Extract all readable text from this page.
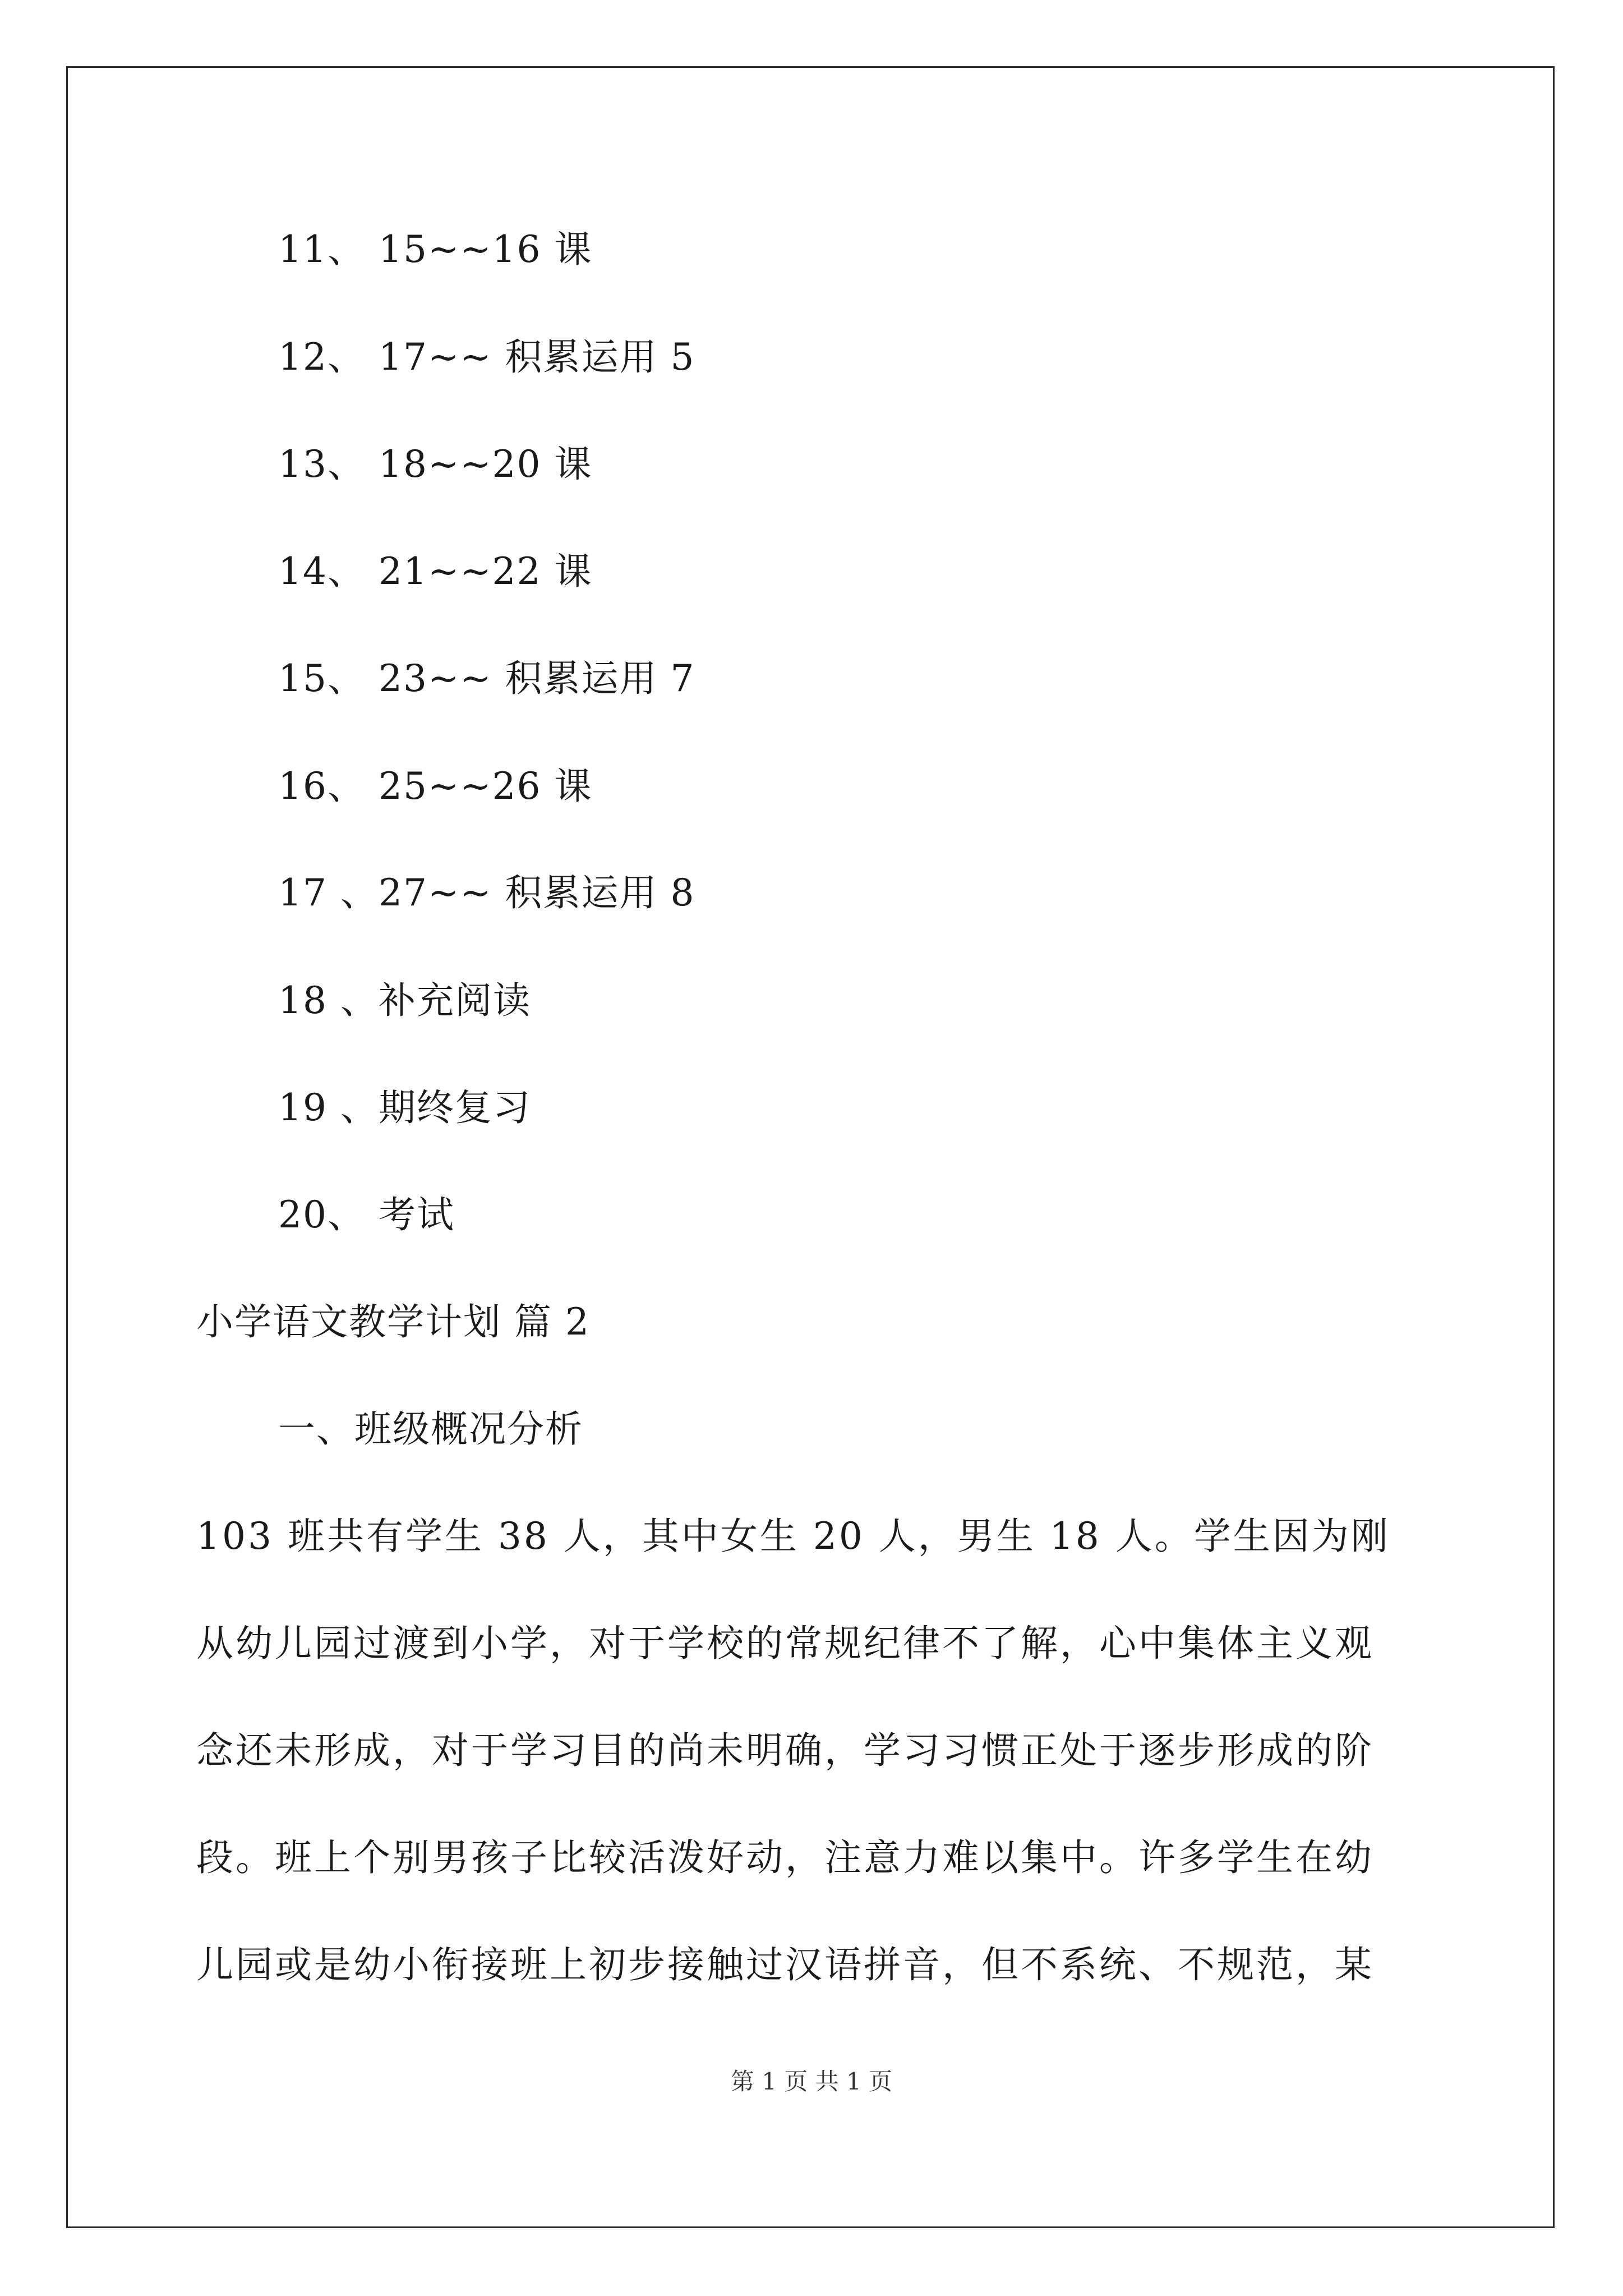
11、 15~~16 课
12、 17~~ 积累运用 5
13、 18~~20 课
14、 21~~22 课
15、 23~~ 积累运用 7
16、 25~~26 课
17 、27~~ 积累运用 8
18 、补充阅读
19 、期终复习
20、 考试
小学语文教学计划 篇 2
一、班级概况分析
103 班共有学生 38 人，其中女生 20 人，男生 18 人。学生因为刚
从幼儿园过渡到小学，对于学校的常规纪律不了解，心中集体主义观
念还未形成，对于学习目的尚未明确，学习习惯正处于逐步形成的阶
段。班上个别男孩子比较活泼好动，注意力难以集中。许多学生在幼
儿园或是幼小衔接班上初步接触过汉语拼音，但不系统、不规范，某
第 1 页 共 1 页
